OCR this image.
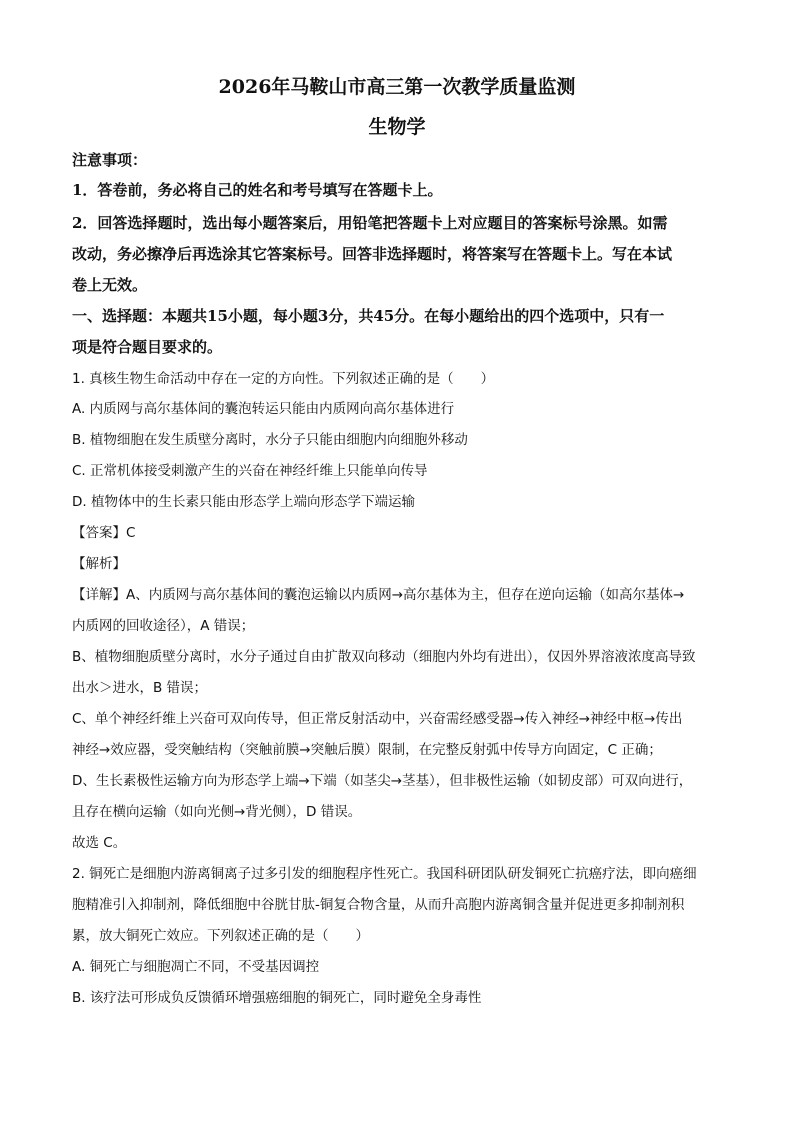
2026年马鞍山市高三第一次教学质量监测
生物学
注意事项：
1．答卷前，务必将自己的姓名和考号填写在答题卡上。
2．回答选择题时，选出每小题答案后，用铅笔把答题卡上对应题目的答案标号涂黑。如需
改动，务必擦净后再选涂其它答案标号。回答非选择题时，将答案写在答题卡上。写在本试
卷上无效。
一、选择题：本题共15小题，每小题3分，共45分。在每小题给出的四个选项中，只有一
项是符合题目要求的。
1. 真核生物生命活动中存在一定的方向性。下列叙述正确的是（　　）
A. 内质网与高尔基体间的囊泡转运只能由内质网向高尔基体进行
B. 植物细胞在发生质壁分离时，水分子只能由细胞内向细胞外移动
C. 正常机体接受刺激产生的兴奋在神经纤维上只能单向传导
D. 植物体中的生长素只能由形态学上端向形态学下端运输
【答案】C
【解析】
【详解】A、内质网与高尔基体间的囊泡运输以内质网→高尔基体为主，但存在逆向运输（如高尔基体→
内质网的回收途径），A 错误；
B、植物细胞质壁分离时，水分子通过自由扩散双向移动（细胞内外均有进出），仅因外界溶液浓度高导致
出水＞进水，B 错误；
C、单个神经纤维上兴奋可双向传导，但正常反射活动中，兴奋需经感受器→传入神经→神经中枢→传出
神经→效应器，受突触结构（突触前膜→突触后膜）限制，在完整反射弧中传导方向固定，C 正确；
D、生长素极性运输方向为形态学上端→下端（如茎尖→茎基），但非极性运输（如韧皮部）可双向进行，
且存在横向运输（如向光侧→背光侧），D 错误。
故选 C。
2. 铜死亡是细胞内游离铜离子过多引发的细胞程序性死亡。我国科研团队研发铜死亡抗癌疗法，即向癌细
胞精准引入抑制剂，降低细胞中谷胱甘肽-铜复合物含量，从而升高胞内游离铜含量并促进更多抑制剂积
累，放大铜死亡效应。下列叙述正确的是（　　）
A. 铜死亡与细胞凋亡不同，不受基因调控
B. 该疗法可形成负反馈循环增强癌细胞的铜死亡，同时避免全身毒性
